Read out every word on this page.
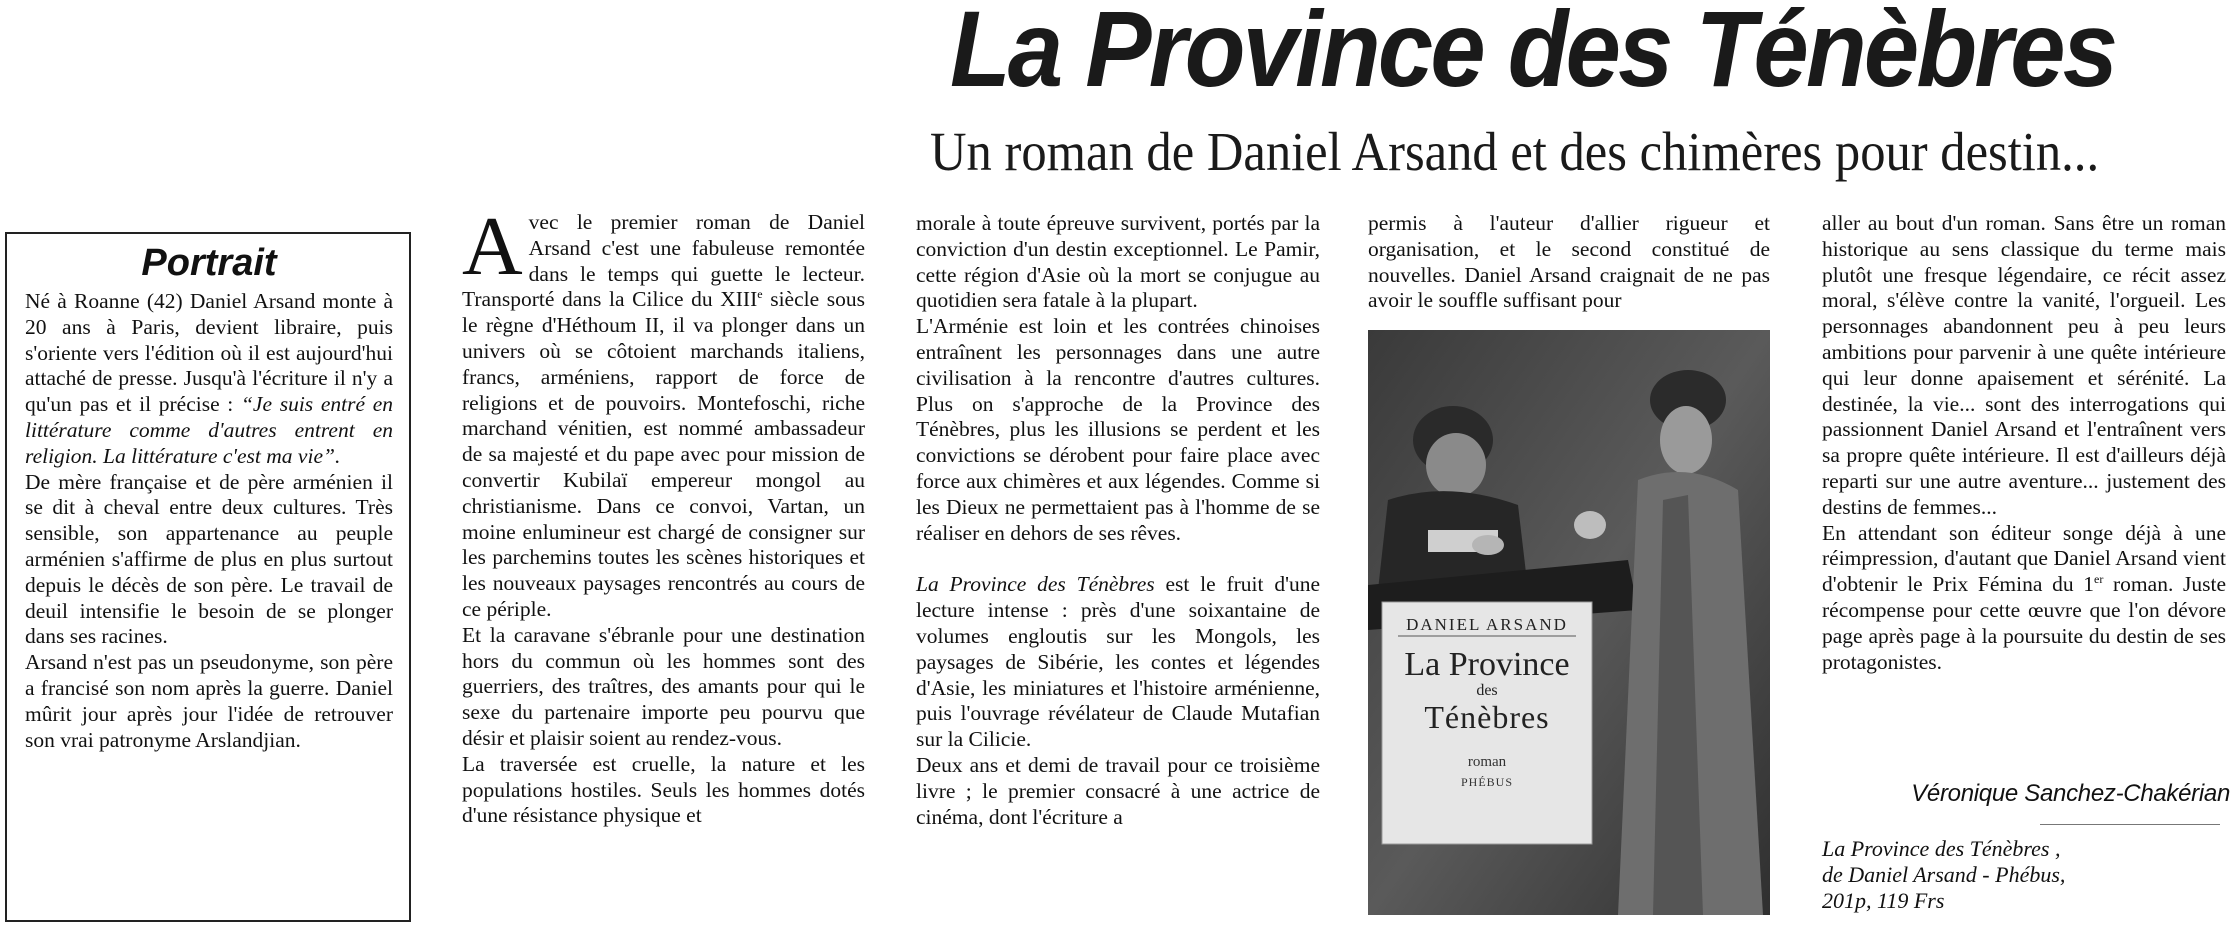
La Province des Ténèbres
Un roman de Daniel Arsand et des chimères pour destin...
Portrait

Né à Roanne (42) Daniel Arsand monte à 20 ans à Paris, devient libraire, puis s'oriente vers l'édition où il est aujourd'hui attaché de presse. Jusqu'à l'écriture il n'y a qu'un pas et il précise : “Je suis entré en littérature comme d'autres entrent en religion. La littérature c'est ma vie”.

De mère française et de père arménien il se dit à cheval entre deux cultures. Très sensible, son appartenance au peuple arménien s'affirme de plus en plus surtout depuis le décès de son père. Le travail de deuil intensifie le besoin de se plonger dans ses racines.

Arsand n'est pas un pseudonyme, son père a francisé son nom après la guerre. Daniel mûrit jour après jour l'idée de retrouver son vrai patronyme Arslandjian.

Avec le premier roman de Daniel Arsand c'est une fabuleuse remontée dans le temps qui guette le lecteur. Transporté dans la Cilice du XIIIe siècle sous le règne d'Héthoum II, il va plonger dans un univers où se côtoient marchands italiens, francs, arméniens, rapport de force de religions et de pouvoirs. Montefoschi, riche marchand vénitien, est nommé ambassadeur de sa majesté et du pape avec pour mission de convertir Kubilaï empereur mongol au christianisme. Dans ce convoi, Vartan, un moine enlumineur est chargé de consigner sur les parchemins toutes les scènes historiques et les nouveaux paysages rencontrés au cours de ce périple.

Et la caravane s'ébranle pour une destination hors du commun où les hommes sont des guerriers, des traîtres, des amants pour qui le sexe du partenaire importe peu pourvu que désir et plaisir soient au rendez-vous.

La traversée est cruelle, la nature et les populations hostiles. Seuls les hommes dotés d'une résistance physique et

morale à toute épreuve survivent, portés par la conviction d'un destin exceptionnel. Le Pamir, cette région d'Asie où la mort se conjugue au quotidien sera fatale à la plupart.

L'Arménie est loin et les contrées chinoises entraînent les personnages dans une autre civilisation à la rencontre d'autres cultures. Plus on s'approche de la Province des Ténèbres, plus les illusions se perdent et les convictions se dérobent pour faire place avec force aux chimères et aux légendes. Comme si les Dieux ne permettaient pas à l'homme de se réaliser en dehors de ses rêves.

La Province des Ténèbres est le fruit d'une lecture intense : près d'une soixantaine de volumes engloutis sur les Mongols, les paysages de Sibérie, les contes et légendes d'Asie, les miniatures et l'histoire arménienne, puis l'ouvrage révélateur de Claude Mutafian sur la Cilicie.

Deux ans et demi de travail pour ce troisième livre ; le premier consacré à une actrice de cinéma, dont l'écriture a

permis à l'auteur d'allier rigueur et organisation, et le second constitué de nouvelles. Daniel Arsand craignait de ne pas avoir le souffle suffisant pour

DANIEL ARSAND
La Province
des
Ténèbres
roman
PHÉBUS

aller au bout d'un roman. Sans être un roman historique au sens classique du terme mais plutôt une fresque légendaire, ce récit assez moral, s'élève contre la vanité, l'orgueil. Les personnages abandonnent peu à peu leurs ambitions pour parvenir à une quête intérieure qui leur donne apaisement et sérénité. La destinée, la vie... sont des interrogations qui passionnent Daniel Arsand et l'entraînent vers sa propre quête intérieure. Il est d'ailleurs déjà reparti sur une autre aventure... justement des destins de femmes...

En attendant son éditeur songe déjà à une réimpression, d'autant que Daniel Arsand vient d'obtenir le Prix Fémina du 1er roman. Juste récompense pour cette œuvre que l'on dévore page après page à la poursuite du destin de ses protagonistes.

Véronique Sanchez-Chakérian
La Province des Ténèbres ,
de Daniel Arsand - Phébus,
201p, 119 Frs
